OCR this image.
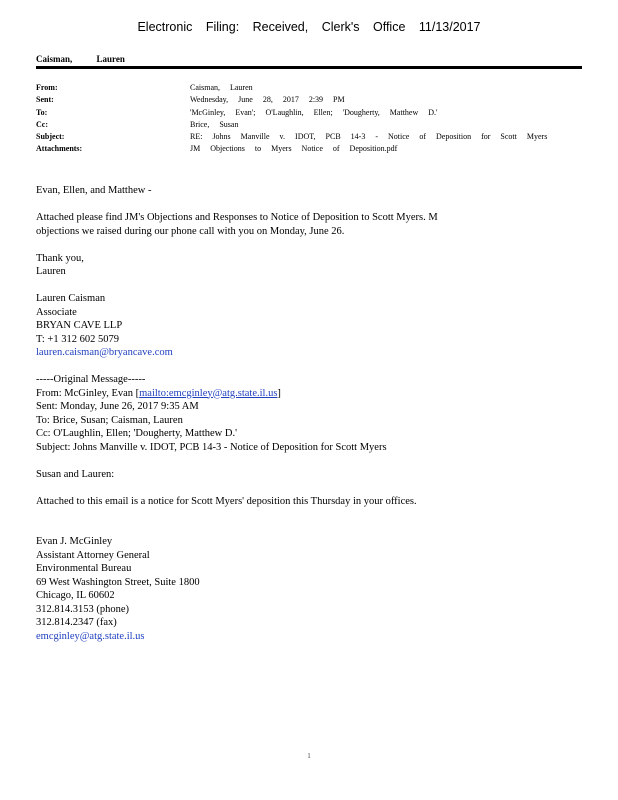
Electronic Filing: Received, Clerk's Office 11/13/2017
Caisman, Lauren
From:	Caisman, Lauren
Sent:	Wednesday, June 28, 2017 2:39 PM
To:	'McGinley, Evan'; O'Laughlin, Ellen; 'Dougherty, Matthew D.'
Cc:	Brice, Susan
Subject:	RE: Johns Manville v. IDOT, PCB 14-3 - Notice of Deposition for Scott Myers
Attachments:	JM Objections to Myers Notice of Deposition.pdf
Evan, Ellen, and Matthew -
Attached please find JM's Objections and Responses to Notice of Deposition to Scott Myers. M
objections we raised during our phone call with you on Monday, June 26.
Thank you,
Lauren
Lauren Caisman
Associate
BRYAN CAVE LLP
T: +1 312 602 5079
lauren.caisman@bryancave.com
-----Original Message-----
From: McGinley, Evan [mailto:emcginley@atg.state.il.us]
Sent: Monday, June 26, 2017 9:35 AM
To: Brice, Susan; Caisman, Lauren
Cc: O'Laughlin, Ellen; 'Dougherty, Matthew D.'
Subject: Johns Manville v. IDOT, PCB 14-3 - Notice of Deposition for Scott Myers
Susan and Lauren:
Attached to this email is a notice for Scott Myers' deposition this Thursday in your offices.
Evan J. McGinley
Assistant Attorney General
Environmental Bureau
69 West Washington Street, Suite 1800
Chicago, IL 60602
312.814.3153 (phone)
312.814.2347 (fax)
emcginley@atg.state.il.us
1
